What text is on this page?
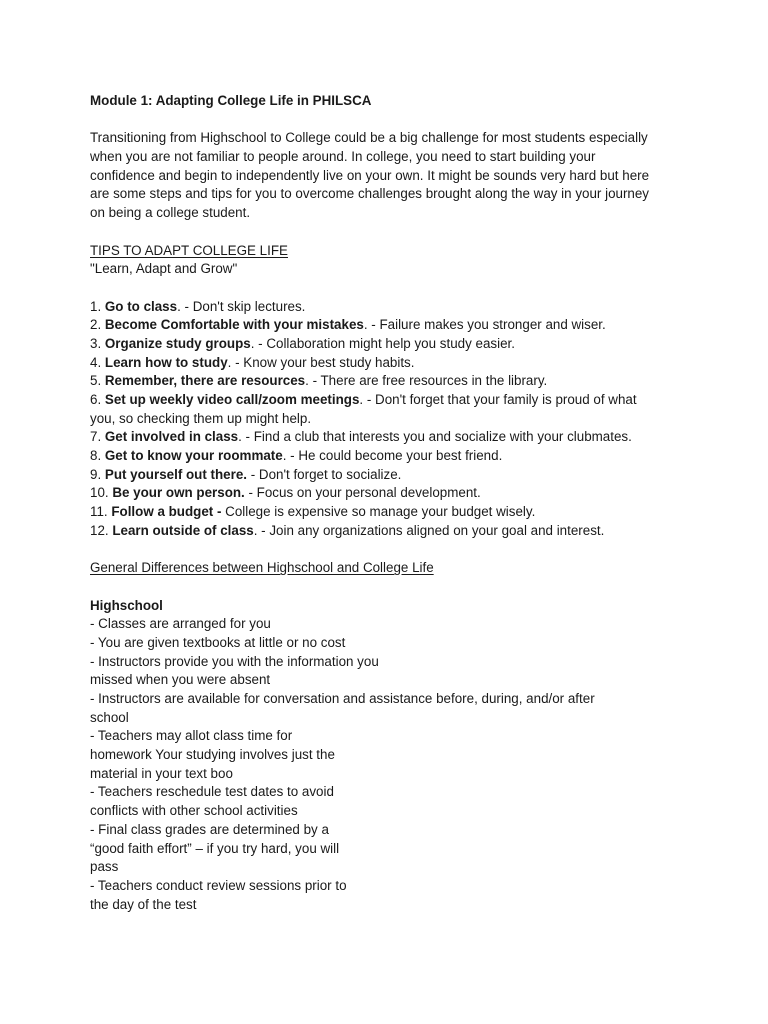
Module 1: Adapting College Life in PHILSCA
Transitioning from Highschool to College could be a big challenge for most students especially
when you are not familiar to people around. In college, you need to start building your
confidence and begin to independently live on your own. It might be sounds very hard but here
are some steps and tips for you to overcome challenges brought along the way in your journey
on being a college student.
TIPS TO ADAPT COLLEGE LIFE
"Learn, Adapt and Grow"
1. Go to class. - Don't skip lectures.
2. Become Comfortable with your mistakes. - Failure makes you stronger and wiser.
3. Organize study groups. - Collaboration might help you study easier.
4. Learn how to study. - Know your best study habits.
5. Remember, there are resources. - There are free resources in the library.
6. Set up weekly video call/zoom meetings. - Don't forget that your family is proud of what
you, so checking them up might help.
7. Get involved in class. - Find a club that interests you and socialize with your clubmates.
8. Get to know your roommate. - He could become your best friend.
9. Put yourself out there. - Don't forget to socialize.
10. Be your own person. - Focus on your personal development.
11. Follow a budget - College is expensive so manage your budget wisely.
12. Learn outside of class. - Join any organizations aligned on your goal and interest.
General Differences between Highschool and College Life
Highschool
- Classes are arranged for you
- You are given textbooks at little or no cost
- Instructors provide you with the information you
missed when you were absent
- Instructors are available for conversation and assistance before, during, and/or after
school
- Teachers may allot class time for
homework Your studying involves just the
material in your text boo
- Teachers reschedule test dates to avoid
conflicts with other school activities
- Final class grades are determined by a
“good faith effort” – if you try hard, you will
pass
- Teachers conduct review sessions prior to
the day of the test
